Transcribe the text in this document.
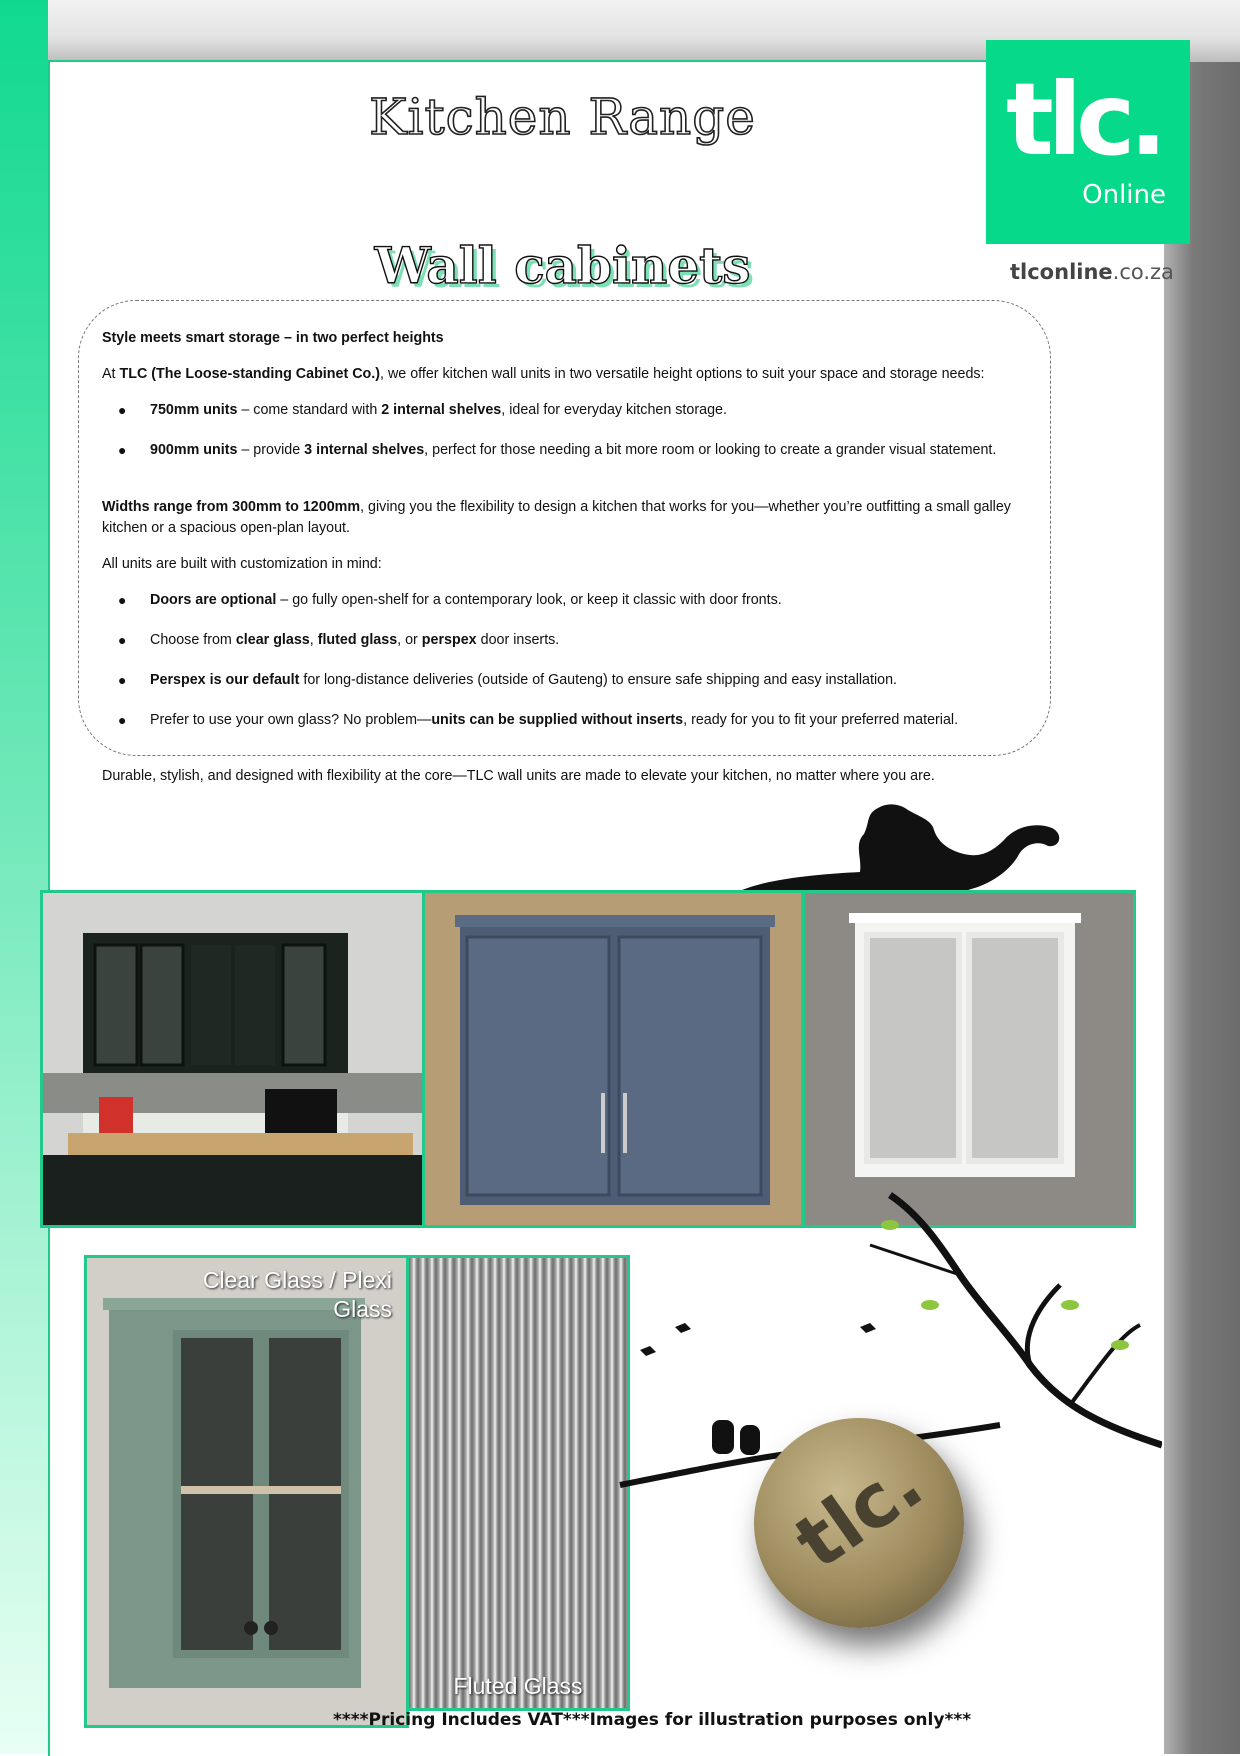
tlc.
Online
tlconline.co.za
Kitchen Range
Wall cabinets
Style meets smart storage – in two perfect heights
At TLC (The Loose-standing Cabinet Co.), we offer kitchen wall units in two versatile height options to suit your space and storage needs:
● 750mm units – come standard with 2 internal shelves, ideal for everyday kitchen storage.
● 900mm units – provide 3 internal shelves, perfect for those needing a bit more room or looking to create a grander visual statement.
Widths range from 300mm to 1200mm, giving you the flexibility to design a kitchen that works for you—whether you’re outfitting a small galley
kitchen or a spacious open-plan layout.
All units are built with customization in mind:
● Doors are optional – go fully open-shelf for a contemporary look, or keep it classic with door fronts.
● Choose from clear glass, fluted glass, or perspex door inserts.
● Perspex is our default for long-distance deliveries (outside of Gauteng) to ensure safe shipping and easy installation.
● Prefer to use your own glass? No problem—units can be supplied without inserts, ready for you to fit your preferred material.
Durable, stylish, and designed with flexibility at the core—TLC wall units are made to elevate your kitchen, no matter where you are.
Clear Glass / Plexi
Glass
Fluted Glass
tlc.
****Pricing Includes VAT***Images for illustration purposes only***
